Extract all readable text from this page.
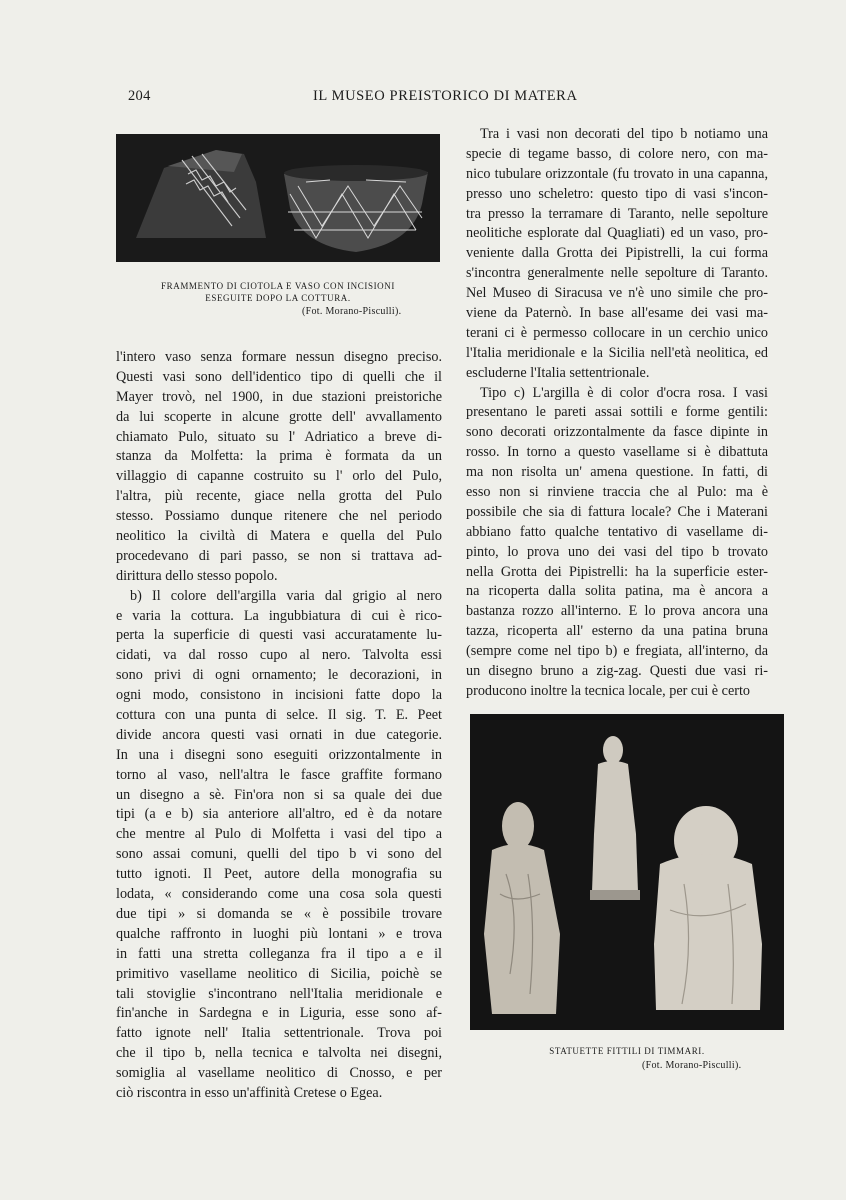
204	IL MUSEO PREISTORICO DI MATERA
FRAMMENTO DI CIOTOLA E VASO CON INCISIONI
ESEGUITE DOPO LA COTTURA.
(Fot. Morano-Pisculli).
l'intero vaso senza formare nessun disegno preciso.
Questi vasi sono dell'identico tipo di quelli che il
Mayer trovò, nel 1900, in due stazioni preistoriche
da lui scoperte in alcune grotte dell' avvallamento
chiamato Pulo, situato su l' Adriatico a breve di-
stanza da Molfetta: la prima è formata da un
villaggio di capanne costruito su l' orlo del Pulo,
l'altra, più recente, giace nella grotta del Pulo
stesso. Possiamo dunque ritenere che nel periodo
neolitico la civiltà di Matera e quella del Pulo
procedevano di pari passo, se non si trattava ad-
dirittura dello stesso popolo.
b) Il colore dell'argilla varia dal grigio al nero
e varia la cottura. La ingubbiatura di cui è rico-
perta la superficie di questi vasi accuratamente lu-
cidati, va dal rosso cupo al nero. Talvolta essi
sono privi di ogni ornamento; le decorazioni, in
ogni modo, consistono in incisioni fatte dopo la
cottura con una punta di selce. Il sig. T. E. Peet
divide ancora questi vasi ornati in due categorie.
In una i disegni sono eseguiti orizzontalmente in
torno al vaso, nell'altra le fasce graffite formano
un disegno a sè. Fin'ora non si sa quale dei due
tipi (a e b) sia anteriore all'altro, ed è da notare
che mentre al Pulo di Molfetta i vasi del tipo a
sono assai comuni, quelli del tipo b vi sono del
tutto ignoti. Il Peet, autore della monografia su
lodata, « considerando come una cosa sola questi
due tipi » si domanda se « è possibile trovare
qualche raffronto in luoghi più lontani » e trova
in fatti una stretta colleganza fra il tipo a e il
primitivo vasellame neolitico di Sicilia, poichè se
tali stoviglie s'incontrano nell'Italia meridionale e
fin'anche in Sardegna e in Liguria, esse sono af-
fatto ignote nell' Italia settentrionale. Trova poi
che il tipo b, nella tecnica e talvolta nei disegni,
somiglia al vasellame neolitico di Cnosso, e per
ciò riscontra in esso un'affinità Cretese o Egea.
Tra i vasi non decorati del tipo b notiamo una
specie di tegame basso, di colore nero, con ma-
nico tubulare orizzontale (fu trovato in una capanna,
presso uno scheletro: questo tipo di vasi s'incon-
tra presso la terramare di Taranto, nelle sepolture
neolitiche esplorate dal Quagliati) ed un vaso, pro-
veniente dalla Grotta dei Pipistrelli, la cui forma
s'incontra generalmente nelle sepolture di Taranto.
Nel Museo di Siracusa ve n'è uno simile che pro-
viene da Paternò. In base all'esame dei vasi ma-
terani ci è permesso collocare in un cerchio unico
l'Italia meridionale e la Sicilia nell'età neolitica, ed
escluderne l'Italia settentrionale.
Tipo c) L'argilla è di color d'ocra rosa. I vasi
presentano le pareti assai sottili e forme gentili:
sono decorati orizzontalmente da fasce dipinte in
rosso. In torno a questo vasellame si è dibattuta
ma non risolta un' amena questione. In fatti, di
esso non si rinviene traccia che al Pulo: ma è
possibile che sia di fattura locale? Che i Materani
abbiano fatto qualche tentativo di vasellame di-
pinto, lo prova uno dei vasi del tipo b trovato
nella Grotta dei Pipistrelli: ha la superficie ester-
na ricoperta dalla solita patina, ma è ancora a
bastanza rozzo all'interno. E lo prova ancora una
tazza, ricoperta all' esterno da una patina bruna
(sempre come nel tipo b) e fregiata, all'interno, da
un disegno bruno a zig-zag. Questi due vasi ri-
producono inoltre la tecnica locale, per cui è certo
STATUETTE FITTILI DI TIMMARI.
(Fot. Morano-Pisculli).
